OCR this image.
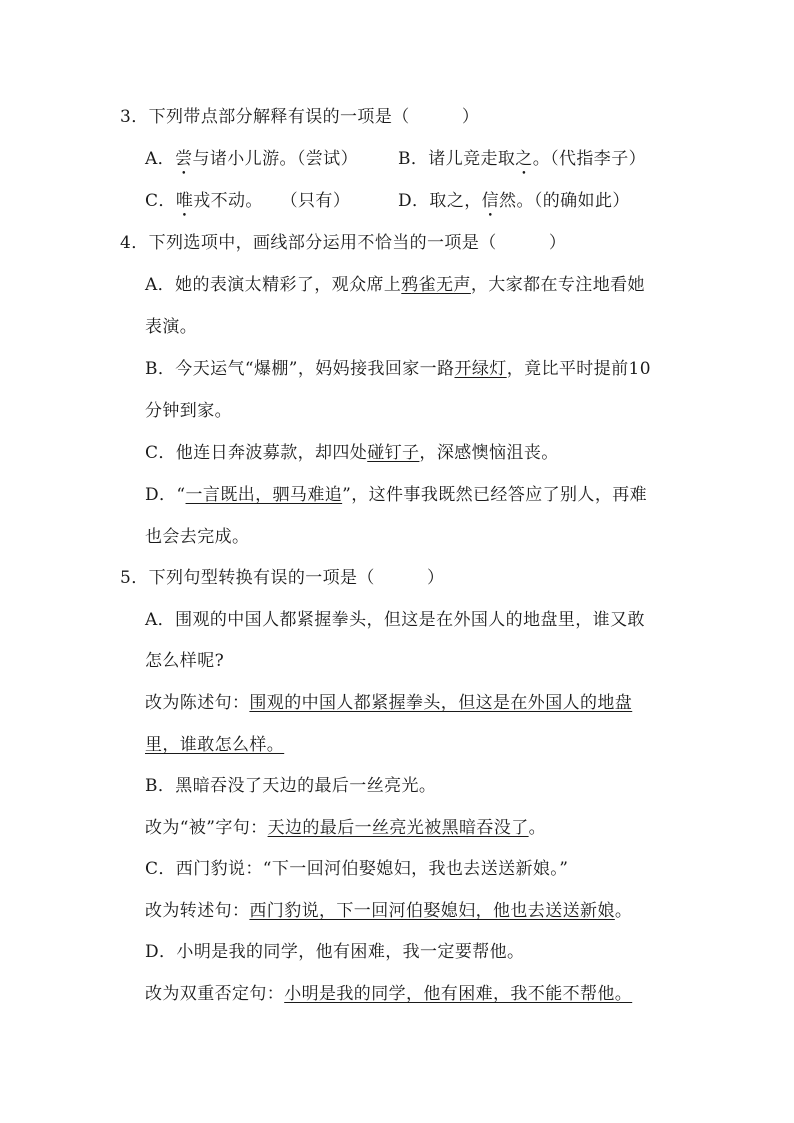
3．下列带点部分解释有误的一项是（　　　）
A．尝与诸小儿游。（尝试） B．诸儿竞走取之。（代指李子）
C．唯戎不动。　　（只有）	D．取之，信然。（的确如此）
4．下列选项中，画线部分运用不恰当的一项是（　　　）
A．她的表演太精彩了，观众席上鸦雀无声，大家都在专注地看她
表演。
B．今天运气“爆棚”，妈妈接我回家一路开绿灯，竟比平时提前10
分钟到家。
C．他连日奔波募款，却四处碰钉子，深感懊恼沮丧。
D．“一言既出，驷马难追”，这件事我既然已经答应了别人，再难
也会去完成。
5．下列句型转换有误的一项是（　　　）
A．围观的中国人都紧握拳头，但这是在外国人的地盘里，谁又敢
怎么样呢?
改为陈述句：围观的中国人都紧握拳头，但这是在外国人的地盘
里，谁敢怎么样。
B．黑暗吞没了天边的最后一丝亮光。
改为“被”字句：天边的最后一丝亮光被黑暗吞没了。
C．西门豹说：“下一回河伯娶媳妇，我也去送送新娘。”
改为转述句：西门豹说，下一回河伯娶媳妇，他也去送送新娘。
D．小明是我的同学，他有困难，我一定要帮他。
改为双重否定句：小明是我的同学，他有困难，我不能不帮他。
